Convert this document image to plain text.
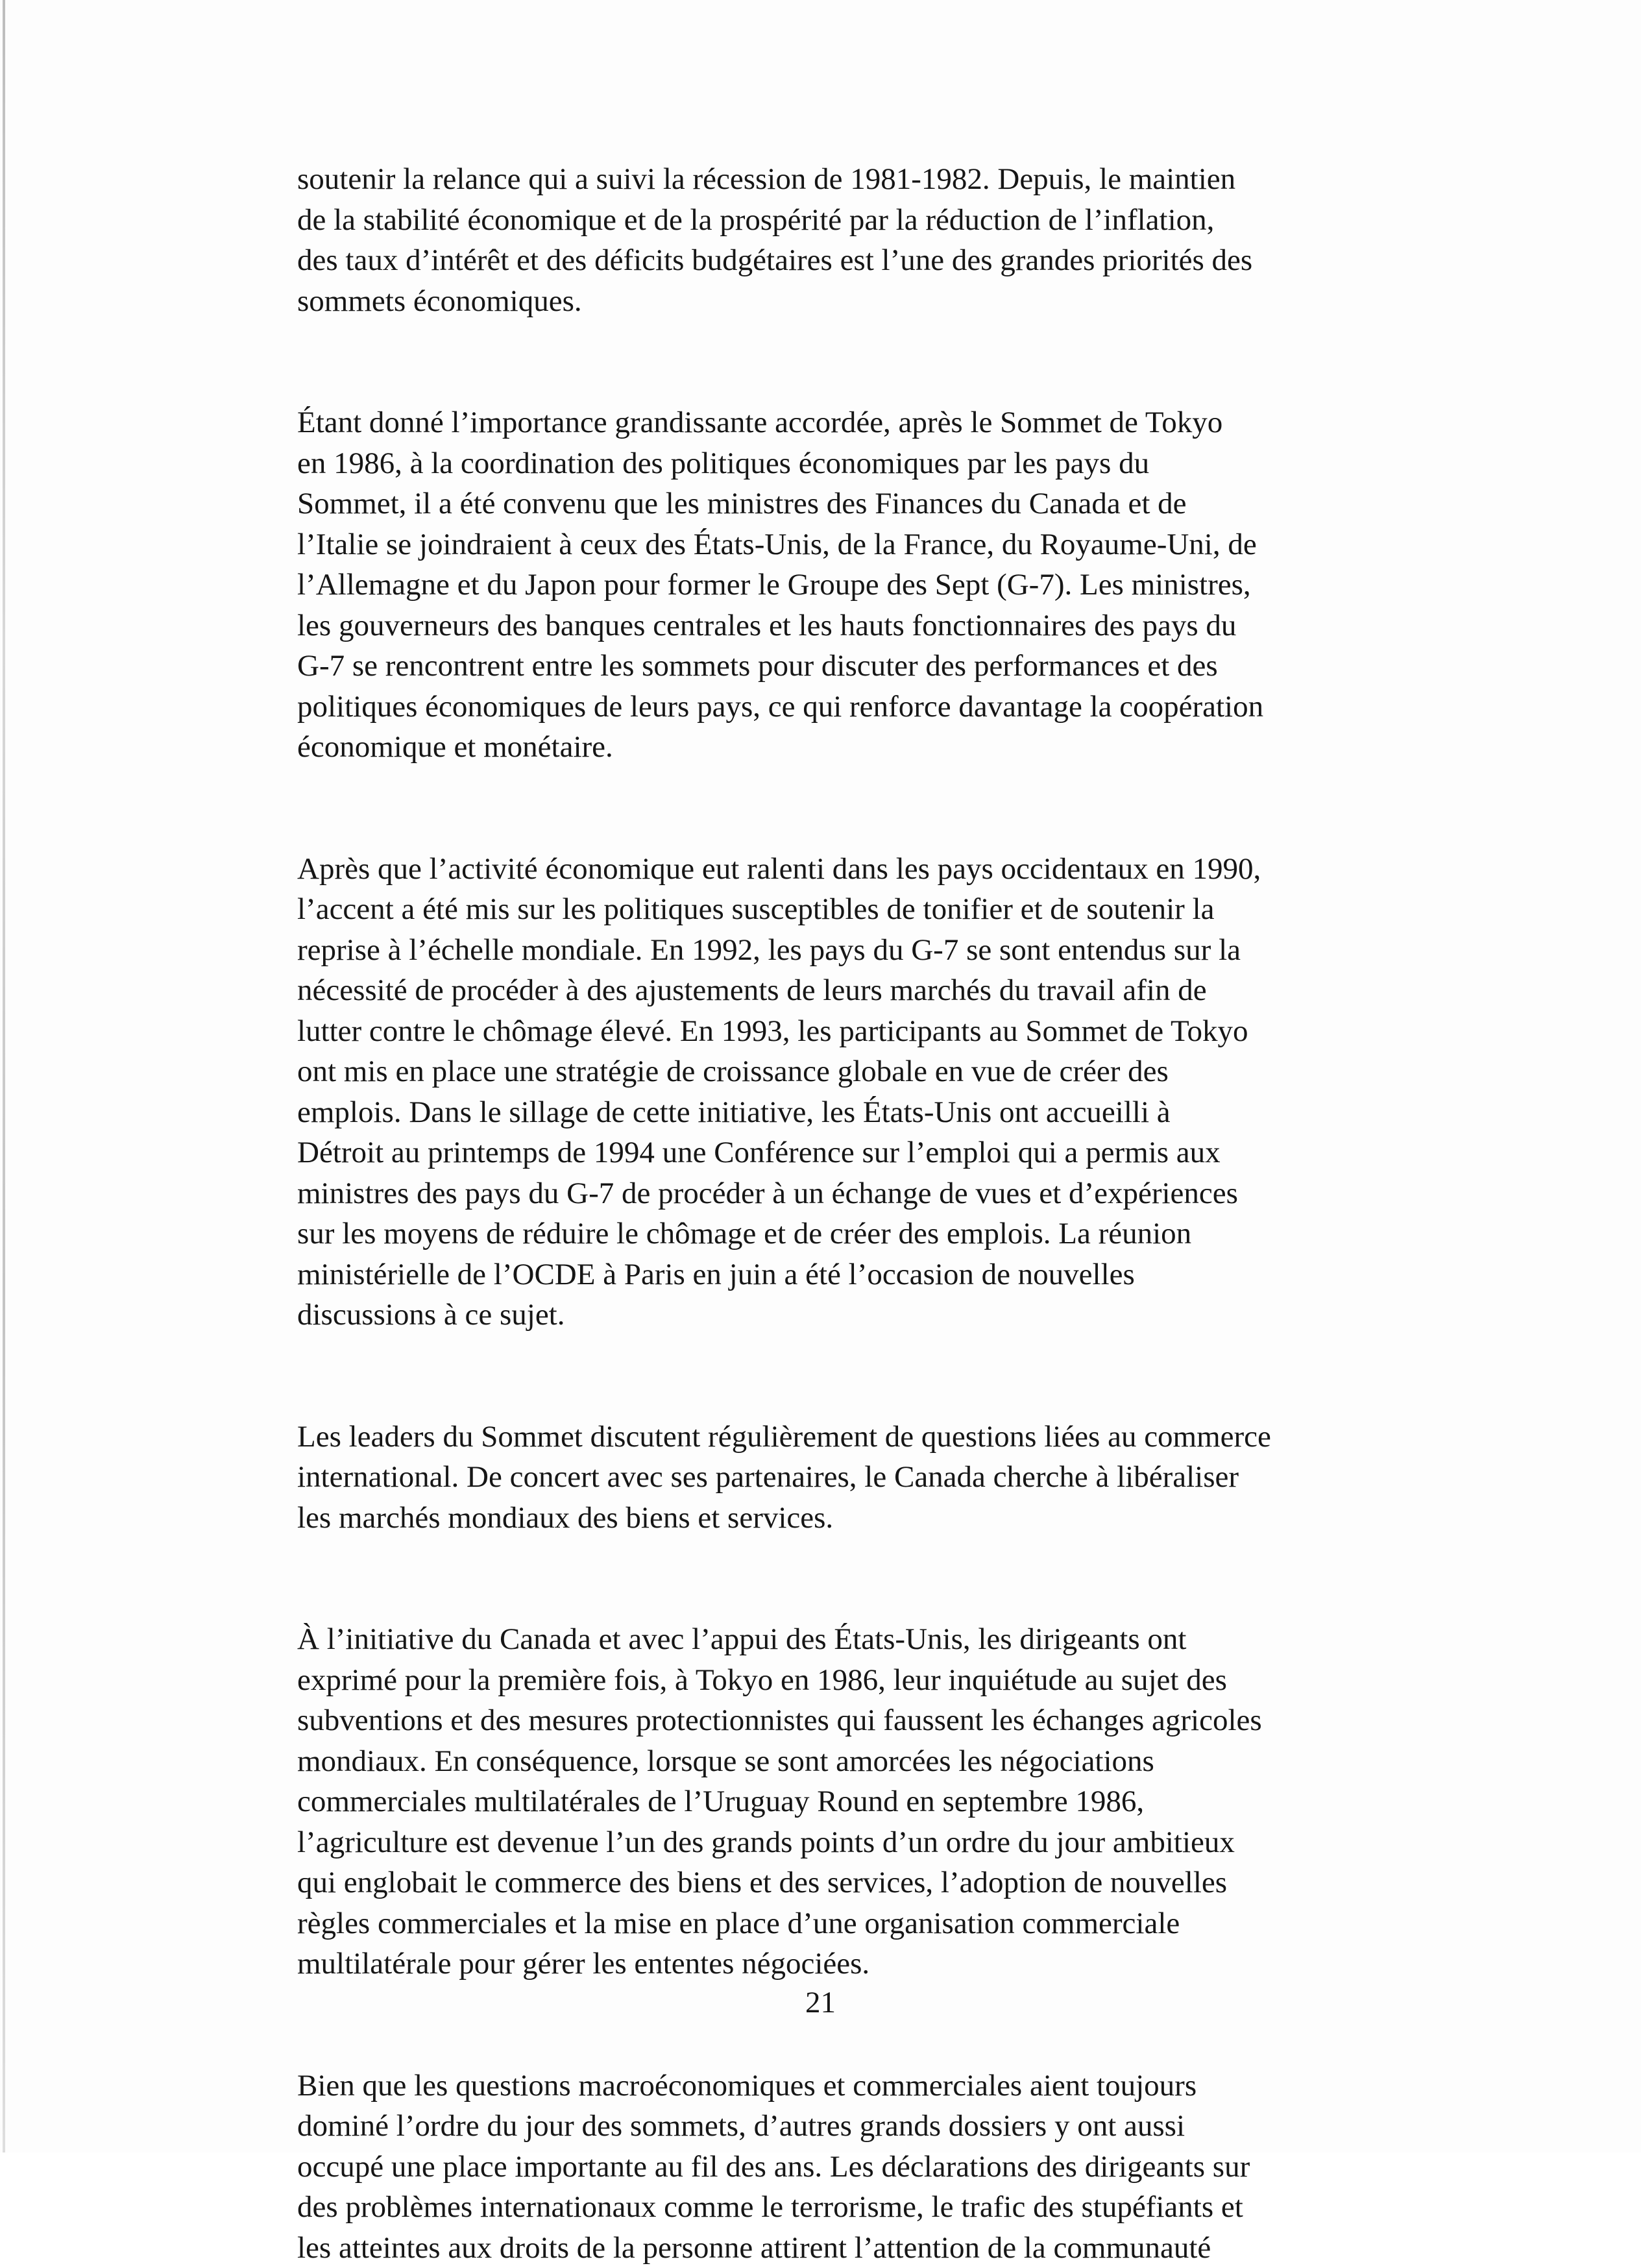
soutenir la relance qui a suivi la récession de 1981-1982. Depuis, le maintien
de la stabilité économique et de la prospérité par la réduction de l’inflation,
des taux d’intérêt et des déficits budgétaires est l’une des grandes priorités des
sommets économiques.

Étant donné l’importance grandissante accordée, après le Sommet de Tokyo
en 1986, à la coordination des politiques économiques par les pays du
Sommet, il a été convenu que les ministres des Finances du Canada et de
l’Italie se joindraient à ceux des États-Unis, de la France, du Royaume-Uni, de
l’Allemagne et du Japon pour former le Groupe des Sept (G-7). Les ministres,
les gouverneurs des banques centrales et les hauts fonctionnaires des pays du
G-7 se rencontrent entre les sommets pour discuter des performances et des
politiques économiques de leurs pays, ce qui renforce davantage la coopération
économique et monétaire.

Après que l’activité économique eut ralenti dans les pays occidentaux en 1990,
l’accent a été mis sur les politiques susceptibles de tonifier et de soutenir la
reprise à l’échelle mondiale. En 1992, les pays du G-7 se sont entendus sur la
nécessité de procéder à des ajustements de leurs marchés du travail afin de
lutter contre le chômage élevé. En 1993, les participants au Sommet de Tokyo
ont mis en place une stratégie de croissance globale en vue de créer des
emplois. Dans le sillage de cette initiative, les États-Unis ont accueilli à
Détroit au printemps de 1994 une Conférence sur l’emploi qui a permis aux
ministres des pays du G-7 de procéder à un échange de vues et d’expériences
sur les moyens de réduire le chômage et de créer des emplois. La réunion
ministérielle de l’OCDE à Paris en juin a été l’occasion de nouvelles
discussions à ce sujet.

Les leaders du Sommet discutent régulièrement de questions liées au commerce
international. De concert avec ses partenaires, le Canada cherche à libéraliser
les marchés mondiaux des biens et services.

À l’initiative du Canada et avec l’appui des États-Unis, les dirigeants ont
exprimé pour la première fois, à Tokyo en 1986, leur inquiétude au sujet des
subventions et des mesures protectionnistes qui faussent les échanges agricoles
mondiaux. En conséquence, lorsque se sont amorcées les négociations
commerciales multilatérales de l’Uruguay Round en septembre 1986,
l’agriculture est devenue l’un des grands points d’un ordre du jour ambitieux
qui englobait le commerce des biens et des services, l’adoption de nouvelles
règles commerciales et la mise en place d’une organisation commerciale
multilatérale pour gérer les ententes négociées.

Bien que les questions macroéconomiques et commerciales aient toujours
dominé l’ordre du jour des sommets, d’autres grands dossiers y ont aussi
occupé une place importante au fil des ans. Les déclarations des dirigeants sur
des problèmes internationaux comme le terrorisme, le trafic des stupéfiants et
les atteintes aux droits de la personne attirent l’attention de la communauté

21
